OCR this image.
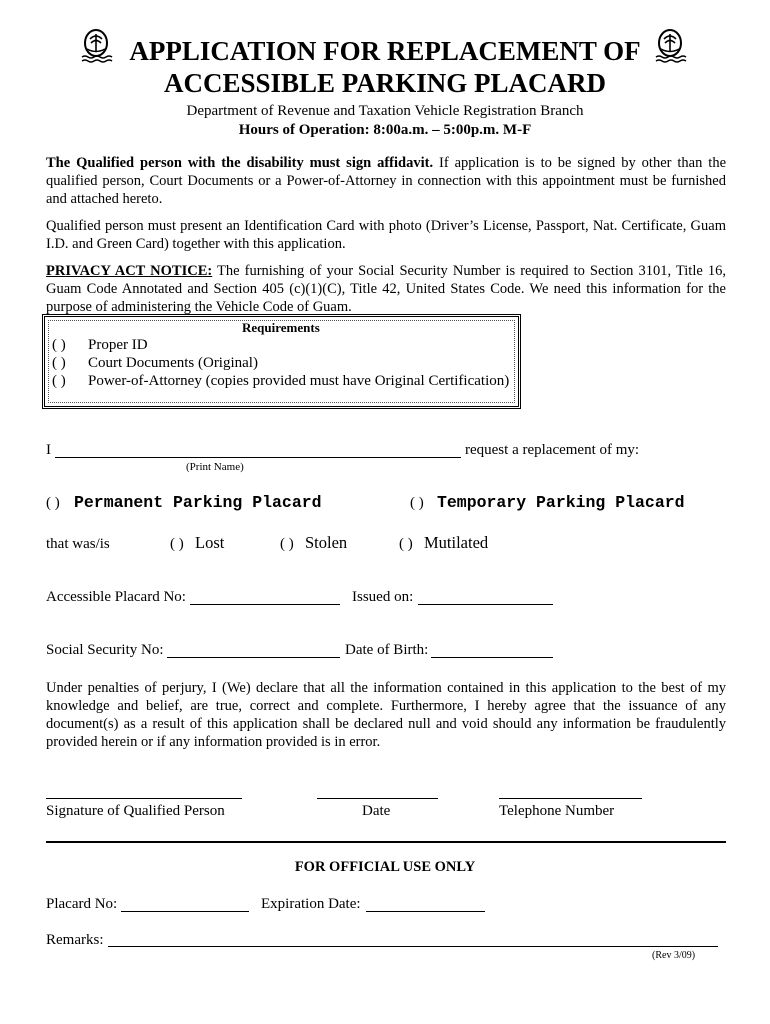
APPLICATION FOR REPLACEMENT OF
ACCESSIBLE PARKING PLACARD
Department of Revenue and Taxation Vehicle Registration Branch
Hours of Operation: 8:00a.m. – 5:00p.m. M-F
The Qualified person with the disability must sign affidavit. If application is to be signed by other than the qualified person, Court Documents or a Power-of-Attorney in connection with this appointment must be furnished and attached hereto.
Qualified person must present an Identification Card with photo (Driver’s License, Passport, Nat. Certificate, Guam I.D. and Green Card) together with this application.
PRIVACY ACT NOTICE: The furnishing of your Social Security Number is required to Section 3101, Title 16, Guam Code Annotated and Section 405 (c)(1)(C), Title 42, United States Code. We need this information for the purpose of administering the Vehicle Code of Guam.
Requirements
( ) Proper ID
( ) Court Documents (Original)
( ) Power-of-Attorney (copies provided must have Original Certification)
I	request a replacement of my:
(Print Name)
( ) Permanent Parking Placard	( ) Temporary Parking Placard
that was/is	( ) Lost	( ) Stolen	( ) Mutilated
Accessible Placard No:	Issued on:
Social Security No:	Date of Birth:
Under penalties of perjury, I (We) declare that all the information contained in this application to the best of my knowledge and belief, are true, correct and complete. Furthermore, I hereby agree that the issuance of any document(s) as a result of this application shall be declared null and void should any information be fraudulently provided herein or if any information provided is in error.
Signature of Qualified Person	Date	Telephone Number
FOR OFFICIAL USE ONLY
Placard No:	Expiration Date:
Remarks:
(Rev 3/09)
